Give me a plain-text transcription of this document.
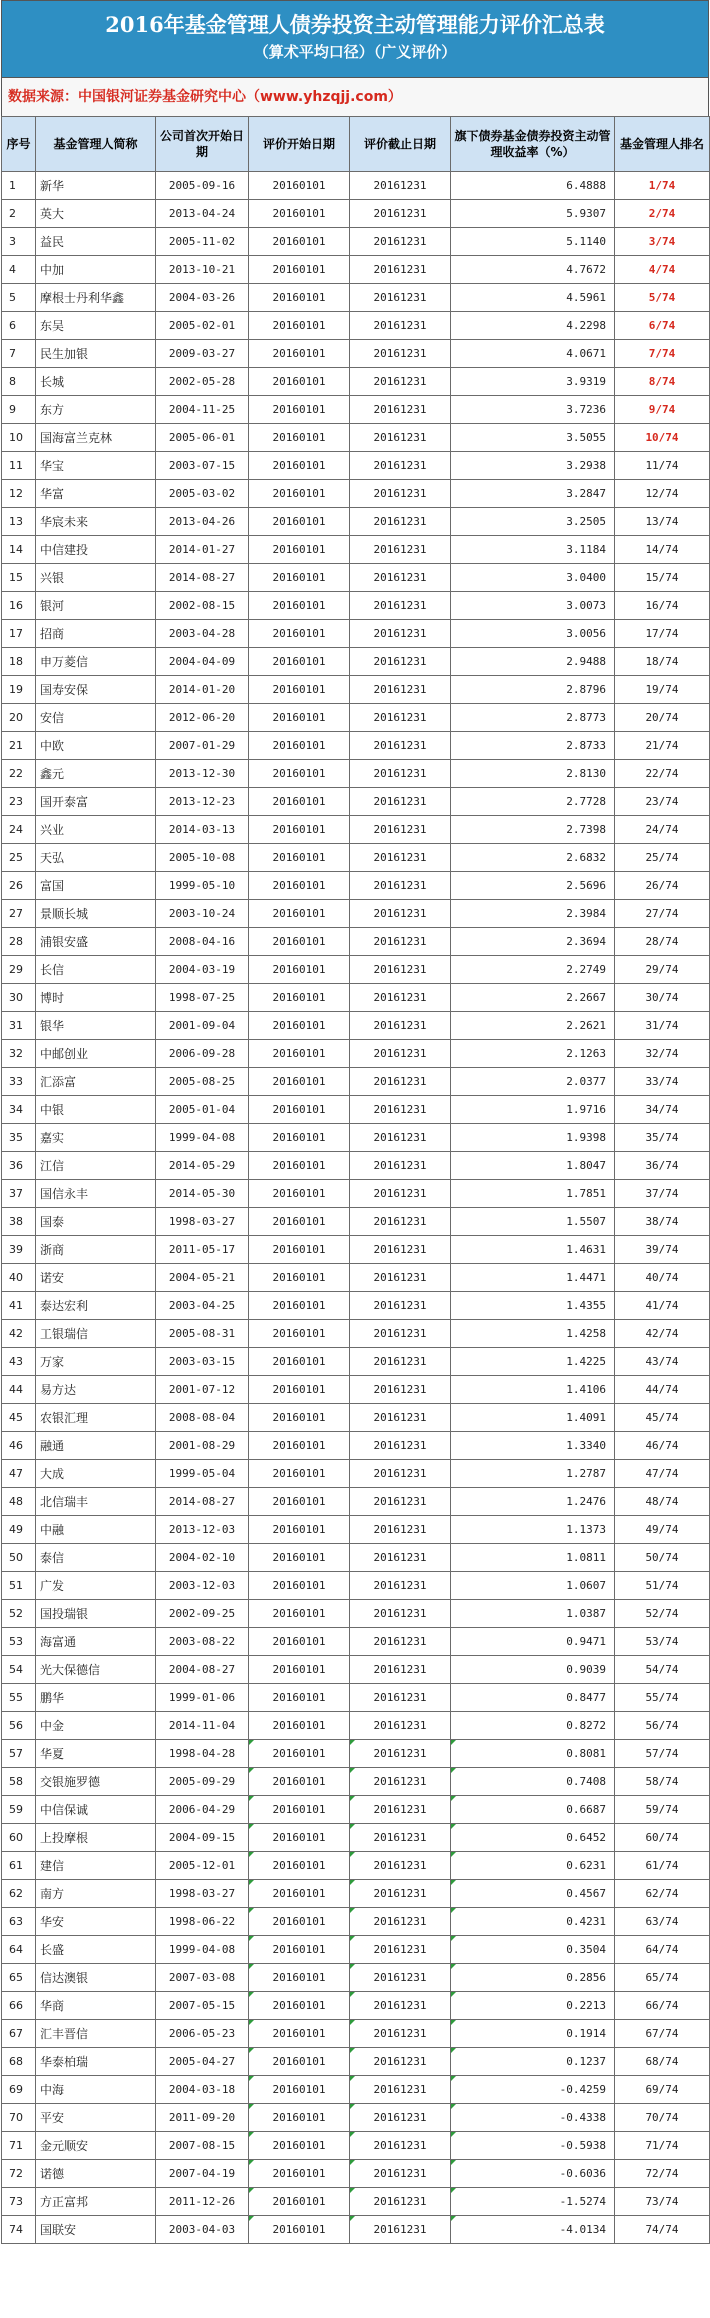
2016年基金管理人债券投资主动管理能力评价汇总表
（算术平均口径）（广义评价）
数据来源：中国银河证券基金研究中心（www.yhzqjj.com）
序号	基金管理人简称	公司首次开始日期	评价开始日期	评价截止日期	旗下债券基金债券投资主动管理收益率（%）	基金管理人排名
1	新华	2005-09-16	20160101	20161231	6.4888	1/74
2	英大	2013-04-24	20160101	20161231	5.9307	2/74
3	益民	2005-11-02	20160101	20161231	5.1140	3/74
4	中加	2013-10-21	20160101	20161231	4.7672	4/74
5	摩根士丹利华鑫	2004-03-26	20160101	20161231	4.5961	5/74
6	东吴	2005-02-01	20160101	20161231	4.2298	6/74
7	民生加银	2009-03-27	20160101	20161231	4.0671	7/74
8	长城	2002-05-28	20160101	20161231	3.9319	8/74
9	东方	2004-11-25	20160101	20161231	3.7236	9/74
10	国海富兰克林	2005-06-01	20160101	20161231	3.5055	10/74
11	华宝	2003-07-15	20160101	20161231	3.2938	11/74
12	华富	2005-03-02	20160101	20161231	3.2847	12/74
13	华宸未来	2013-04-26	20160101	20161231	3.2505	13/74
14	中信建投	2014-01-27	20160101	20161231	3.1184	14/74
15	兴银	2014-08-27	20160101	20161231	3.0400	15/74
16	银河	2002-08-15	20160101	20161231	3.0073	16/74
17	招商	2003-04-28	20160101	20161231	3.0056	17/74
18	申万菱信	2004-04-09	20160101	20161231	2.9488	18/74
19	国寿安保	2014-01-20	20160101	20161231	2.8796	19/74
20	安信	2012-06-20	20160101	20161231	2.8773	20/74
21	中欧	2007-01-29	20160101	20161231	2.8733	21/74
22	鑫元	2013-12-30	20160101	20161231	2.8130	22/74
23	国开泰富	2013-12-23	20160101	20161231	2.7728	23/74
24	兴业	2014-03-13	20160101	20161231	2.7398	24/74
25	天弘	2005-10-08	20160101	20161231	2.6832	25/74
26	富国	1999-05-10	20160101	20161231	2.5696	26/74
27	景顺长城	2003-10-24	20160101	20161231	2.3984	27/74
28	浦银安盛	2008-04-16	20160101	20161231	2.3694	28/74
29	长信	2004-03-19	20160101	20161231	2.2749	29/74
30	博时	1998-07-25	20160101	20161231	2.2667	30/74
31	银华	2001-09-04	20160101	20161231	2.2621	31/74
32	中邮创业	2006-09-28	20160101	20161231	2.1263	32/74
33	汇添富	2005-08-25	20160101	20161231	2.0377	33/74
34	中银	2005-01-04	20160101	20161231	1.9716	34/74
35	嘉实	1999-04-08	20160101	20161231	1.9398	35/74
36	江信	2014-05-29	20160101	20161231	1.8047	36/74
37	国信永丰	2014-05-30	20160101	20161231	1.7851	37/74
38	国泰	1998-03-27	20160101	20161231	1.5507	38/74
39	浙商	2011-05-17	20160101	20161231	1.4631	39/74
40	诺安	2004-05-21	20160101	20161231	1.4471	40/74
41	泰达宏利	2003-04-25	20160101	20161231	1.4355	41/74
42	工银瑞信	2005-08-31	20160101	20161231	1.4258	42/74
43	万家	2003-03-15	20160101	20161231	1.4225	43/74
44	易方达	2001-07-12	20160101	20161231	1.4106	44/74
45	农银汇理	2008-08-04	20160101	20161231	1.4091	45/74
46	融通	2001-08-29	20160101	20161231	1.3340	46/74
47	大成	1999-05-04	20160101	20161231	1.2787	47/74
48	北信瑞丰	2014-08-27	20160101	20161231	1.2476	48/74
49	中融	2013-12-03	20160101	20161231	1.1373	49/74
50	泰信	2004-02-10	20160101	20161231	1.0811	50/74
51	广发	2003-12-03	20160101	20161231	1.0607	51/74
52	国投瑞银	2002-09-25	20160101	20161231	1.0387	52/74
53	海富通	2003-08-22	20160101	20161231	0.9471	53/74
54	光大保德信	2004-08-27	20160101	20161231	0.9039	54/74
55	鹏华	1999-01-06	20160101	20161231	0.8477	55/74
56	中金	2014-11-04	20160101	20161231	0.8272	56/74
57	华夏	1998-04-28	20160101	20161231	0.8081	57/74
58	交银施罗德	2005-09-29	20160101	20161231	0.7408	58/74
59	中信保诚	2006-04-29	20160101	20161231	0.6687	59/74
60	上投摩根	2004-09-15	20160101	20161231	0.6452	60/74
61	建信	2005-12-01	20160101	20161231	0.6231	61/74
62	南方	1998-03-27	20160101	20161231	0.4567	62/74
63	华安	1998-06-22	20160101	20161231	0.4231	63/74
64	长盛	1999-04-08	20160101	20161231	0.3504	64/74
65	信达澳银	2007-03-08	20160101	20161231	0.2856	65/74
66	华商	2007-05-15	20160101	20161231	0.2213	66/74
67	汇丰晋信	2006-05-23	20160101	20161231	0.1914	67/74
68	华泰柏瑞	2005-04-27	20160101	20161231	0.1237	68/74
69	中海	2004-03-18	20160101	20161231	-0.4259	69/74
70	平安	2011-09-20	20160101	20161231	-0.4338	70/74
71	金元顺安	2007-08-15	20160101	20161231	-0.5938	71/74
72	诺德	2007-04-19	20160101	20161231	-0.6036	72/74
73	方正富邦	2011-12-26	20160101	20161231	-1.5274	73/74
74	国联安	2003-04-03	20160101	20161231	-4.0134	74/74
